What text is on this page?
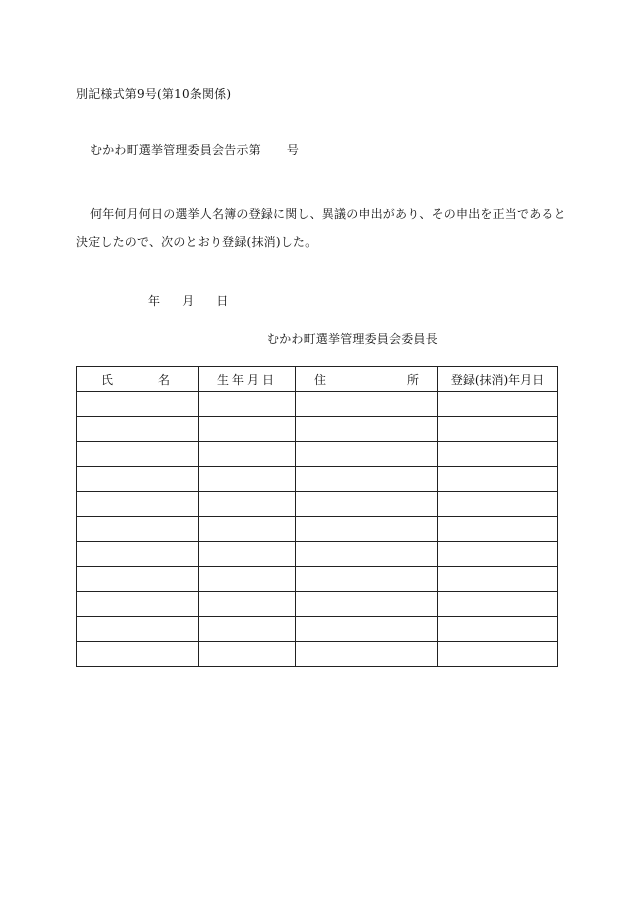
別記様式第9号(第10条関係)
むかわ町選挙管理委員会告示第 号
何年何月何日の選挙人名簿の登録に関し、異議の申出があり、その申出を正当であると
決定したので、次のとおり登録(抹消)した。
年 月 日
むかわ町選挙管理委員会委員長
氏 名	生年月日	住 所	登録(抹消)年月日
